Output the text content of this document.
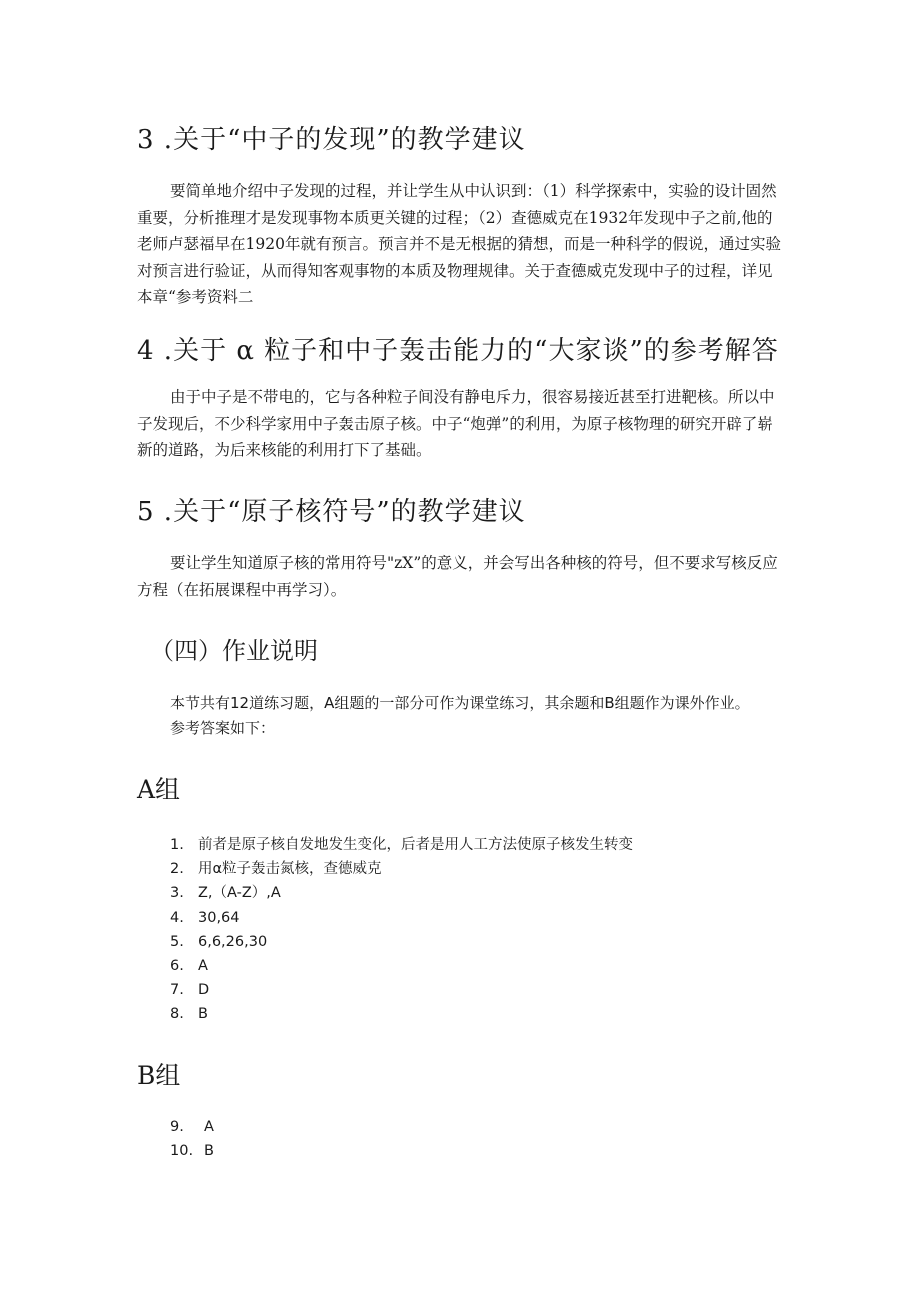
3 .关于“中子的发现”的教学建议

要简单地介绍中子发现的过程，并让学生从中认识到：（1）科学探索中，实验的设计固然重要，分析推理才是发现事物本质更关键的过程；（2）查德威克在1932年发现中子之前,他的老师卢瑟福早在1920年就有预言。预言并不是无根据的猜想，而是一种科学的假说，通过实验对预言进行验证，从而得知客观事物的本质及物理规律。关于查德威克发现中子的过程，详见本章“参考资料二

4 .关于 α 粒子和中子轰击能力的“大家谈”的参考解答

由于中子是不带电的，它与各种粒子间没有静电斥力，很容易接近甚至打进靶核。所以中子发现后，不少科学家用中子轰击原子核。中子“炮弹”的利用，为原子核物理的研究开辟了崭新的道路，为后来核能的利用打下了基础。

5 .关于“原子核符号”的教学建议

要让学生知道原子核的常用符号"zX”的意义，并会写出各种核的符号，但不要求写核反应方程（在拓展课程中再学习）。

（四）作业说明

本节共有12道练习题，A组题的一部分可作为课堂练习，其余题和B组题作为课外作业。

参考答案如下：

A组
1. 前者是原子核自发地发生变化，后者是用人工方法使原子核发生转变
2. 用α粒子轰击氮核，查德威克
3. Z,（A-Z）,A
4. 30,64
5. 6,6,26,30
6. A
7. D
8. B
B组
9.	A
10. B
